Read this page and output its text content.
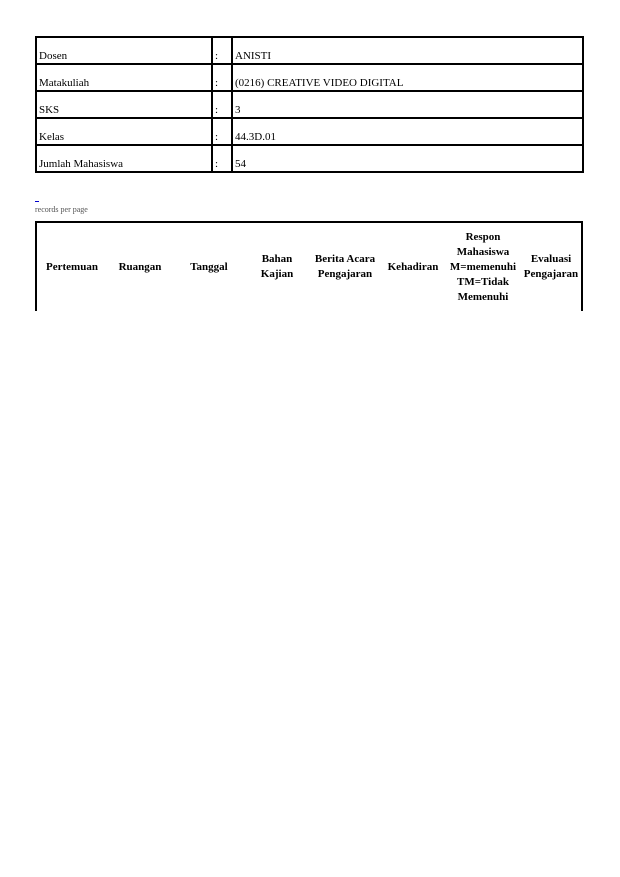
Dosen	:	ANISTI
Matakuliah	:	(0216) CREATIVE VIDEO DIGITAL
SKS	:	3
Kelas	:	44.3D.01
Jumlah Mahasiswa	:	54
records per page
Pertemuan	Ruangan	Tanggal	Bahan Kajian	Berita Acara Pengajaran	Kehadiran	Respon Mahasiswa M=memenuhi TM=Tidak Memenuhi	Evaluasi Pengajaran
